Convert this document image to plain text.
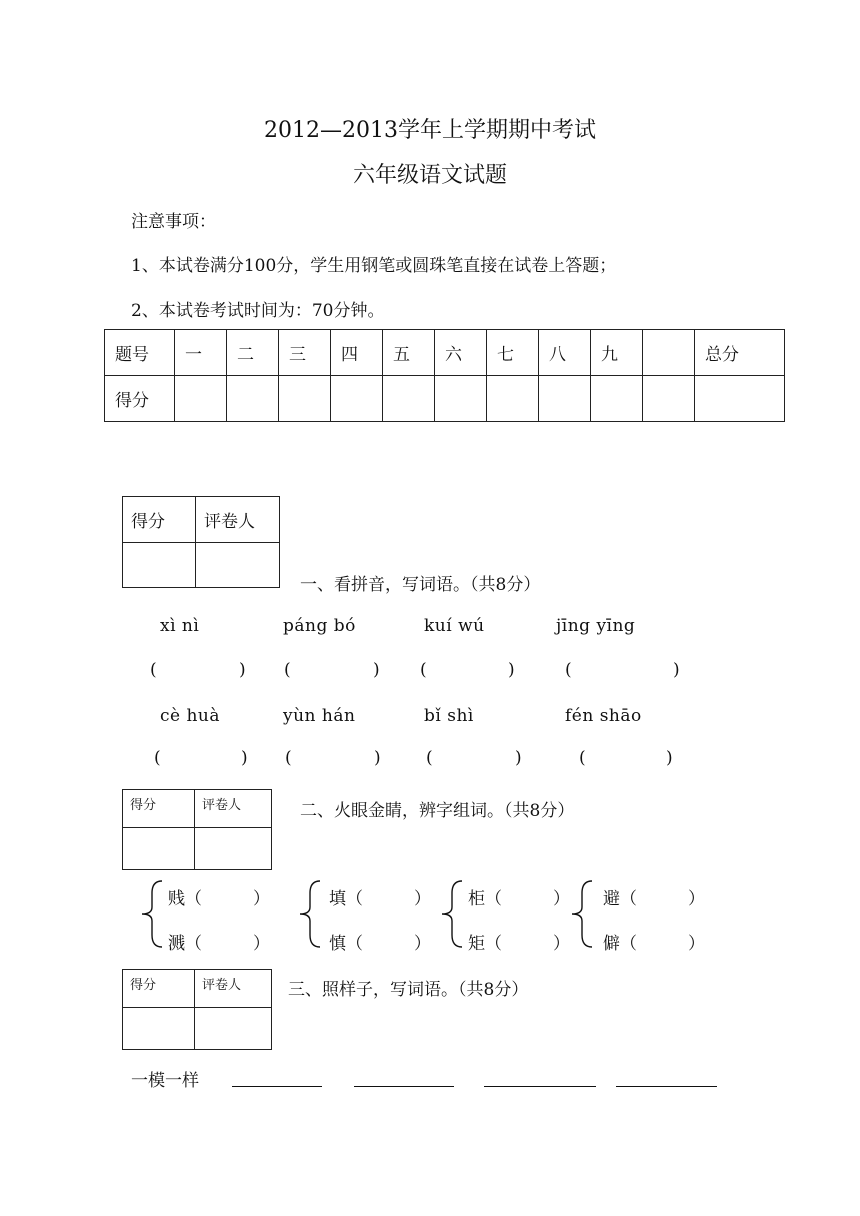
2012—2013学年上学期期中考试
六年级语文试题
注意事项：
1、本试卷满分100分，学生用钢笔或圆珠笔直接在试卷上答题；
2、本试卷考试时间为：70分钟。
题号	一	二	三	四	五	六	七	八	九		总分
得分											
得分	评卷人

一、看拼音，写词语。（共8分）
xì nì	páng bó	kuí wú	jīng yīng
(	) (	) (	)	(	)
cè huà	yùn hán	bǐ shì	fén shāo
(	) (	)	(	)	(	)
得分	评卷人
		二、火眼金睛，辨字组词。（共8分）
贱（　　　）
溅（　　　）
填（　　　）
慎（　　　）
柜（　　　）
矩（　　　）
避（　　　）
僻（　　　）
得分	评卷人
		三、照样子，写词语。（共8分）
一模一样
